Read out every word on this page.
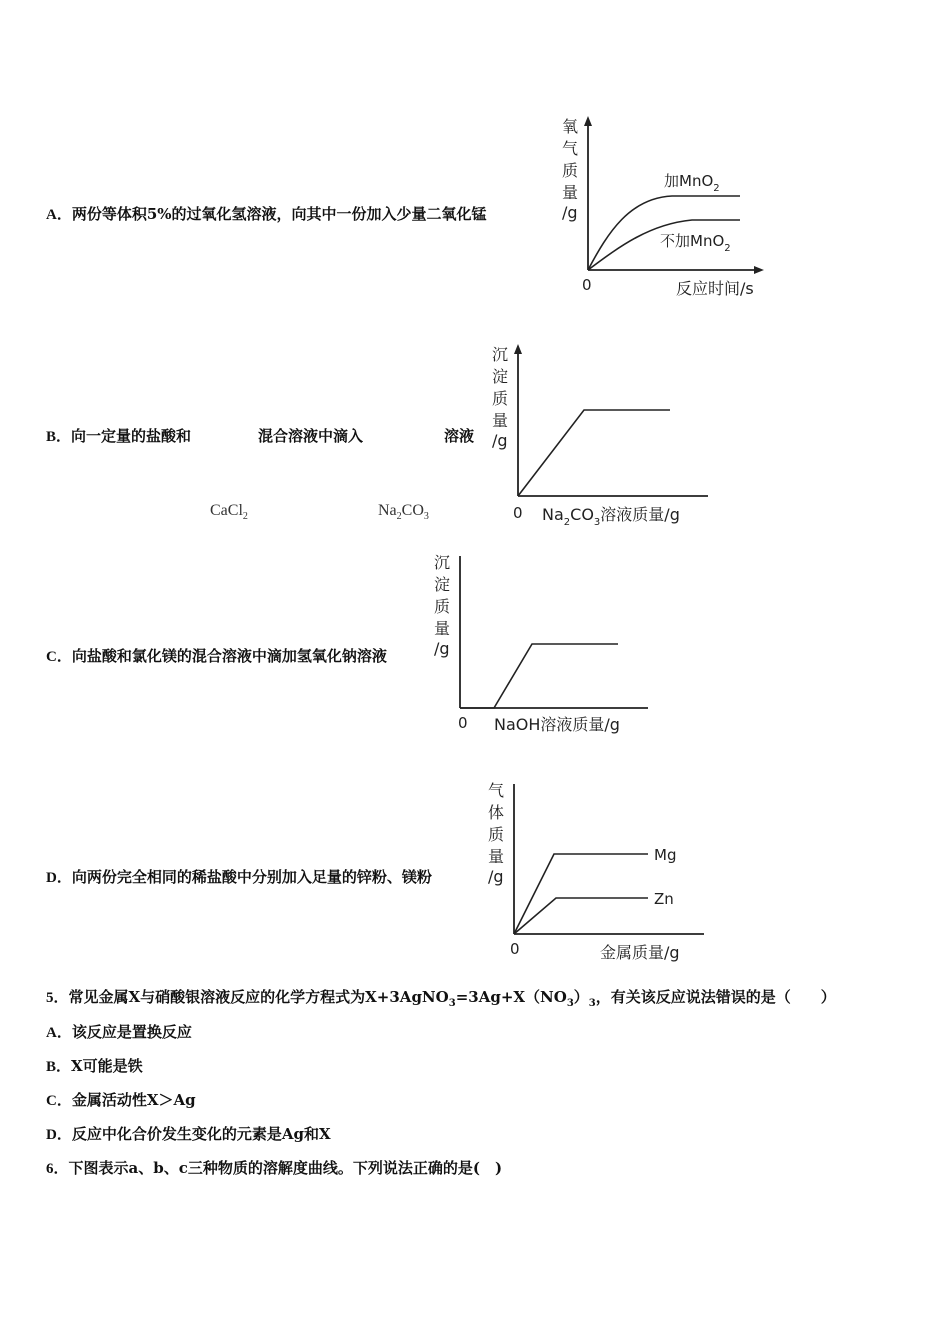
A．两份等体积5%的过氧化氢溶液，向其中一份加入少量二氧化锰
氧
气
质
量
/g
加MnO$_2$
不加MnO$_2$
0	反应时间/s
B．向一定量的盐酸和	混合溶液中滴入	溶液
CaCl$_2$	$Na_2CO_3$
沉
淀
质
量
/g
0 $Na_2CO_3$溶液质量/g
C．向盐酸和氯化镁的混合溶液中滴加氢氧化钠溶液
沉
淀
质
量
/g
0 NaOH溶液质量/g
D．向两份完全相同的稀盐酸中分别加入足量的锌粉、镁粉
气
体
质
量
/g
Mg
Zn
0	金属质量/g
5．常见金属X与硝酸银溶液反应的化学方程式为$X+3AgNO_3=3Ag+X(NO_3)_3$，有关该反应说法错误的是（　　）
A．该反应是置换反应
B．X可能是铁
C．金属活动性X＞Ag
D．反应中化合价发生变化的元素是Ag和X
6．下图表示a、b、c三种物质的溶解度曲线。下列说法正确的是(　)
